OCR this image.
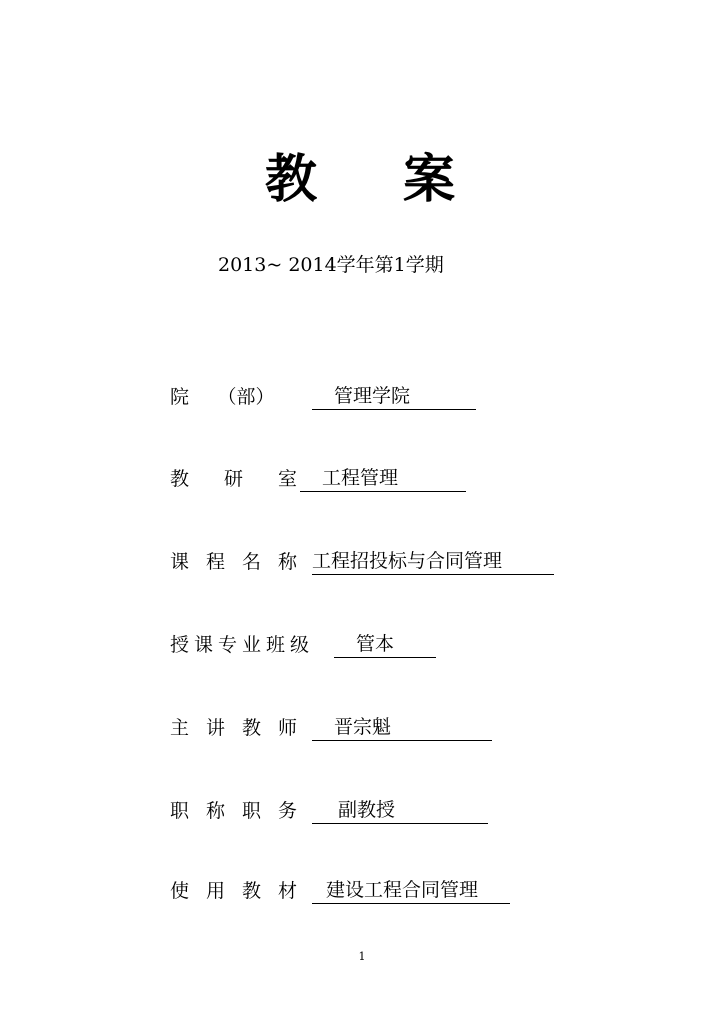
教 案
2013~ 2014学年第1学期
院　　（部）	管理学院
教　研　室 工程管理
课　程　名　称 工程招投标与合同管理
授课专业班级	管本
主　讲　教　师	晋宗魁
职　称　职　务	副教授
使　用　教　材	建设工程合同管理
1
